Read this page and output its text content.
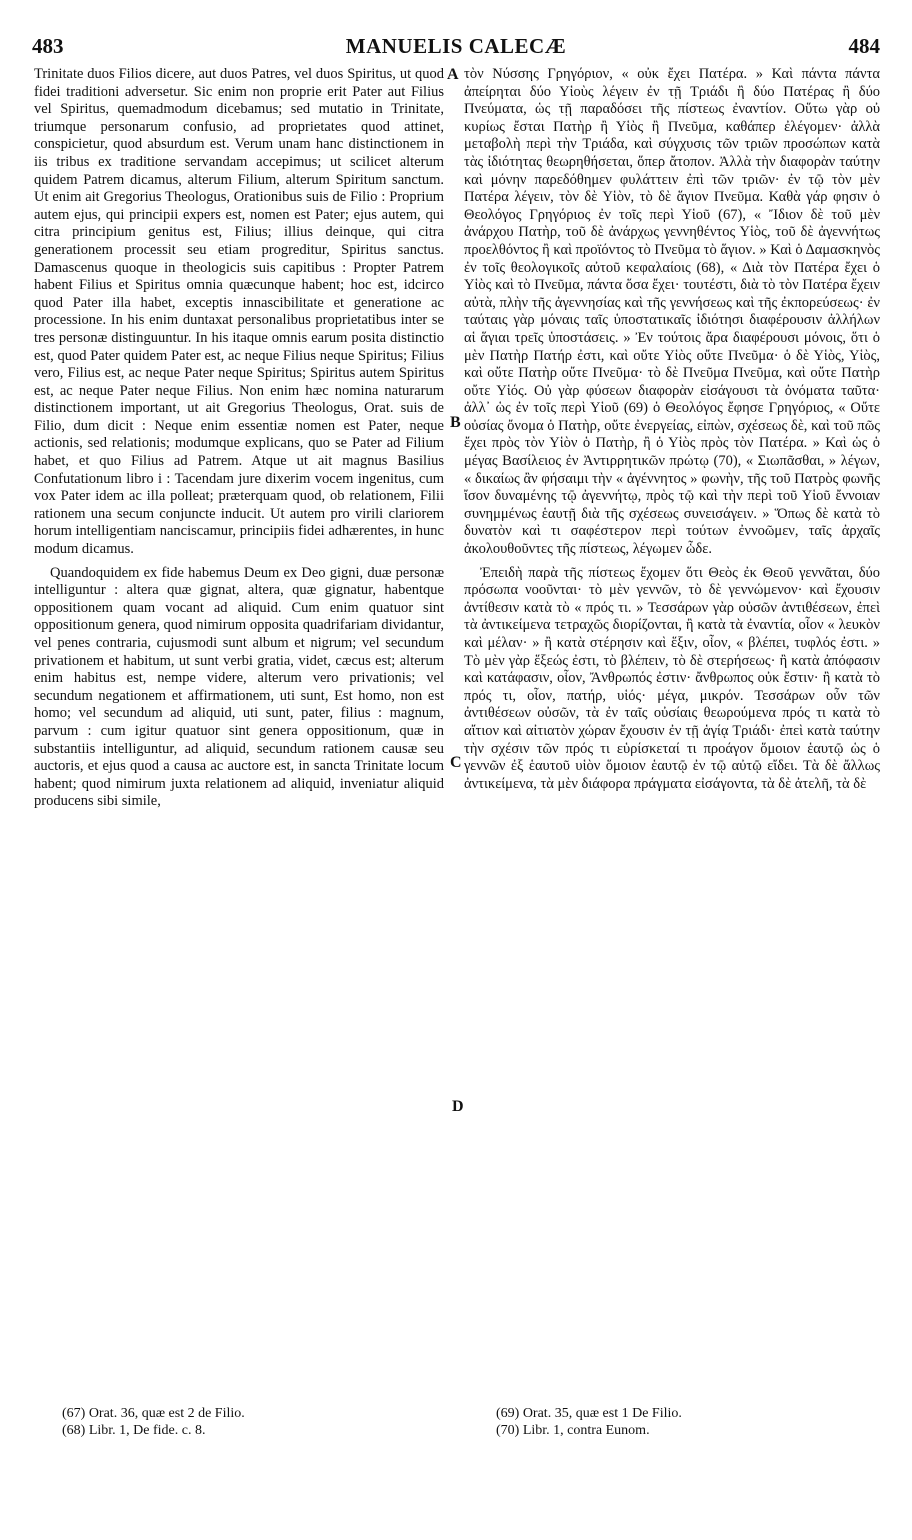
483	MANUELIS CALECÆ	484

Trinitate duos Filios dicere, aut duos Patres, vel duos Spiritus, ut quod fidei traditioni adversetur. Sic enim non proprie erit Pater aut Filius vel Spiritus, quemadmodum dicebamus; sed mutatio in Trinitate, triumque personarum confusio, ad proprietates quod attinet, conspicietur, quod absurdum est. Verum unam hanc distinctionem in iis tribus ex traditione servandam accepimus; ut scilicet alterum quidem Patrem dicamus, alterum Filium, alterum Spiritum sanctum. Ut enim ait Gregorius Theologus, Orationibus suis de Filio : Proprium autem ejus, qui principii expers est, nomen est Pater; ejus autem, qui citra principium genitus est, Filius; illius deinque, qui citra generationem processit seu etiam progreditur, Spiritus sanctus. Damascenus quoque in theologicis suis capitibus : Propter Patrem habent Filius et Spiritus omnia quæcunque habent; hoc est, idcirco quod Pater illa habet, exceptis innascibilitate et generatione ac processione. In his enim duntaxat personalibus proprietatibus inter se tres personæ distinguuntur. In his itaque omnis earum posita distinctio est, quod Pater quidem Pater est, ac neque Filius neque Spiritus; Filius vero, Filius est, ac neque Pater neque Spiritus; Spiritus autem Spiritus est, ac neque Pater neque Filius. Non enim hæc nomina naturarum distinctionem important, ut ait Gregorius Theologus, Orat. suis de Filio, dum dicit : Neque enim essentiæ nomen est Pater, neque actionis, sed relationis; modumque explicans, quo se Pater ad Filium habet, et quo Filius ad Patrem. Atque ut ait magnus Basilius Confutationum libro i : Tacendam jure dixerim vocem ingenitus, cum vox Pater idem ac illa polleat; præterquam quod, ob relationem, Filii rationem una secum conjuncte inducit. Ut autem pro virili clariorem horum intelligentiam nanciscamur, principiis fidei adhærentes, in hunc modum dicamus.

Quandoquidem ex fide habemus Deum ex Deo gigni, duæ personæ intelliguntur : altera quæ gignat, altera, quæ gignatur, habentque oppositionem quam vocant ad aliquid. Cum enim quatuor sint oppositionum genera, quod nimirum opposita quadrifariam dividantur, vel penes contraria, cujusmodi sunt album et nigrum; vel secundum privationem et habitum, ut sunt verbi gratia, videt, cæcus est; alterum enim habitus est, nempe videre, alterum vero privationis; vel secundum negationem et affirmationem, uti sunt, Est homo, non est homo; vel secundum ad aliquid, uti sunt, pater, filius : magnum, parvum : cum igitur quatuor sint genera oppositionum, quæ in substantiis intelliguntur, ad aliquid, secundum rationem causæ seu auctoris, et ejus quod a causa ac auctore est, in sancta Trinitate locum habent; quod nimirum juxta relationem ad aliquid, inveniatur aliquid producens sibi simile,

A
B
C
D

τὸν Νύσσης Γρηγόριον, « οὐκ ἔχει Πατέρα. » Καὶ πάντα πάντα ἀπείρηται δύο Υἱοὺς λέγειν ἐν τῇ Τριάδι ἢ δύο Πατέρας ἢ δύο Πνεύματα, ὡς τῇ παραδόσει τῆς πίστεως ἐναντίον. Οὕτω γὰρ οὐ κυρίως ἔσται Πατὴρ ἢ Υἱὸς ἢ Πνεῦμα, καθάπερ ἐλέγομεν· ἀλλὰ μεταβολὴ περὶ τὴν Τριάδα, καὶ σύγχυσις τῶν τριῶν προσώπων κατὰ τὰς ἰδιότητας θεωρηθήσεται, ὅπερ ἄτοπον. Ἀλλὰ τὴν διαφορὰν ταύτην καὶ μόνην παρεδόθημεν φυλάττειν ἐπὶ τῶν τριῶν· ἐν τῷ τὸν μὲν Πατέρα λέγειν, τὸν δὲ Υἱὸν, τὸ δὲ ἅγιον Πνεῦμα. Καθὰ γάρ φησιν ὁ Θεολόγος Γρηγόριος ἐν τοῖς περὶ Υἱοῦ (67), « Ἴδιον δὲ τοῦ μὲν ἀνάρχου Πατὴρ, τοῦ δὲ ἀνάρχως γεννηθέντος Υἱὸς, τοῦ δὲ ἀγεννήτως προελθόντος ἢ καὶ προϊόντος τὸ Πνεῦμα τὸ ἅγιον. » Καὶ ὁ Δαμασκηνὸς ἐν τοῖς θεολογικοῖς αὐτοῦ κεφαλαίοις (68), « Διὰ τὸν Πατέρα ἔχει ὁ Υἱὸς καὶ τὸ Πνεῦμα, πάντα ὅσα ἔχει· τουτέστι, διὰ τὸ τὸν Πατέρα ἔχειν αὐτὰ, πλὴν τῆς ἀγεννησίας καὶ τῆς γεννήσεως καὶ τῆς ἐκπορεύσεως· ἐν ταύταις γὰρ μόναις ταῖς ὑποστατικαῖς ἰδιότησι διαφέρουσιν ἀλλήλων αἱ ἅγιαι τρεῖς ὑποστάσεις. » Ἐν τούτοις ἄρα διαφέρουσι μόνοις, ὅτι ὁ μὲν Πατὴρ Πατήρ ἐστι, καὶ οὔτε Υἱὸς οὔτε Πνεῦμα· ὁ δὲ Υἱὸς, Υἱὸς, καὶ οὔτε Πατὴρ οὔτε Πνεῦμα· τὸ δὲ Πνεῦμα Πνεῦμα, καὶ οὔτε Πατὴρ οὔτε Υἱός. Οὐ γὰρ φύσεων διαφορὰν εἰσάγουσι τὰ ὀνόματα ταῦτα· ἀλλ᾽ ὡς ἐν τοῖς περὶ Υἱοῦ (69) ὁ Θεολόγος ἔφησε Γρηγόριος, « Οὔτε οὐσίας ὄνομα ὁ Πατὴρ, οὔτε ἐνεργείας, εἰπὼν, σχέσεως δὲ, καὶ τοῦ πῶς ἔχει πρὸς τὸν Υἱὸν ὁ Πατὴρ, ἢ ὁ Υἱὸς πρὸς τὸν Πατέρα. » Καὶ ὡς ὁ μέγας Βασίλειος ἐν Ἀντιρρητικῶν πρώτῳ (70), « Σιωπᾶσθαι, » λέγων, « δικαίως ἂν φήσαιμι τὴν « ἀγέννητος » φωνὴν, τῆς τοῦ Πατρὸς φωνῆς ἴσον δυναμένης τῷ ἀγεννήτῳ, πρὸς τῷ καὶ τὴν περὶ τοῦ Υἱοῦ ἔννοιαν συνημμένως ἑαυτῇ διὰ τῆς σχέσεως συνεισάγειν. » Ὅπως δὲ κατὰ τὸ δυνατὸν καὶ τι σαφέστερον περὶ τούτων ἐννοῶμεν, ταῖς ἀρχαῖς ἀκολουθοῦντες τῆς πίστεως, λέγωμεν ὧδε.

Ἐπειδὴ παρὰ τῆς πίστεως ἔχομεν ὅτι Θεὸς ἐκ Θεοῦ γεννᾶται, δύο πρόσωπα νοοῦνται· τὸ μὲν γεννῶν, τὸ δὲ γεννώμενον· καὶ ἔχουσιν ἀντίθεσιν κατὰ τὸ « πρός τι. » Τεσσάρων γὰρ οὐσῶν ἀντιθέσεων, ἐπεὶ τὰ ἀντικείμενα τετραχῶς διορίζονται, ἢ κατὰ τὰ ἐναντία, οἷον « λευκὸν καὶ μέλαν· » ἢ κατὰ στέρησιν καὶ ἕξιν, οἷον, « βλέπει, τυφλός ἐστι. » Τὸ μὲν γὰρ ἕξεώς ἐστι, τὸ βλέπειν, τὸ δὲ στερήσεως· ἢ κατὰ ἀπόφασιν καὶ κατάφασιν, οἷον, Ἄνθρωπός ἐστιν· ἄνθρωπος οὐκ ἔστιν· ἢ κατὰ τὸ πρός τι, οἷον, πατήρ, υἱός· μέγα, μικρόν. Τεσσάρων οὖν τῶν ἀντιθέσεων οὐσῶν, τὰ ἐν ταῖς οὐσίαις θεωρούμενα πρός τι κατὰ τὸ αἴτιον καὶ αἰτιατὸν χώραν ἔχουσιν ἐν τῇ ἁγίᾳ Τριάδι· ἐπεὶ κατὰ ταύτην τὴν σχέσιν τῶν πρός τι εὑρίσκεταί τι προάγον ὅμοιον ἑαυτῷ ὡς ὁ γεννῶν ἐξ ἑαυτοῦ υἱὸν ὅμοιον ἑαυτῷ ἐν τῷ αὐτῷ εἴδει. Τὰ δὲ ἄλλως ἀντικείμενα, τὰ μὲν διάφορα πράγματα εἰσάγοντα, τὰ δὲ ἀτελῆ, τὰ δὲ

(67) Orat. 36, quæ est 2 de Filio.
(68) Libr. 1, De fide. c. 8.
(69) Orat. 35, quæ est 1 De Filio.
(70) Libr. 1, contra Eunom.
